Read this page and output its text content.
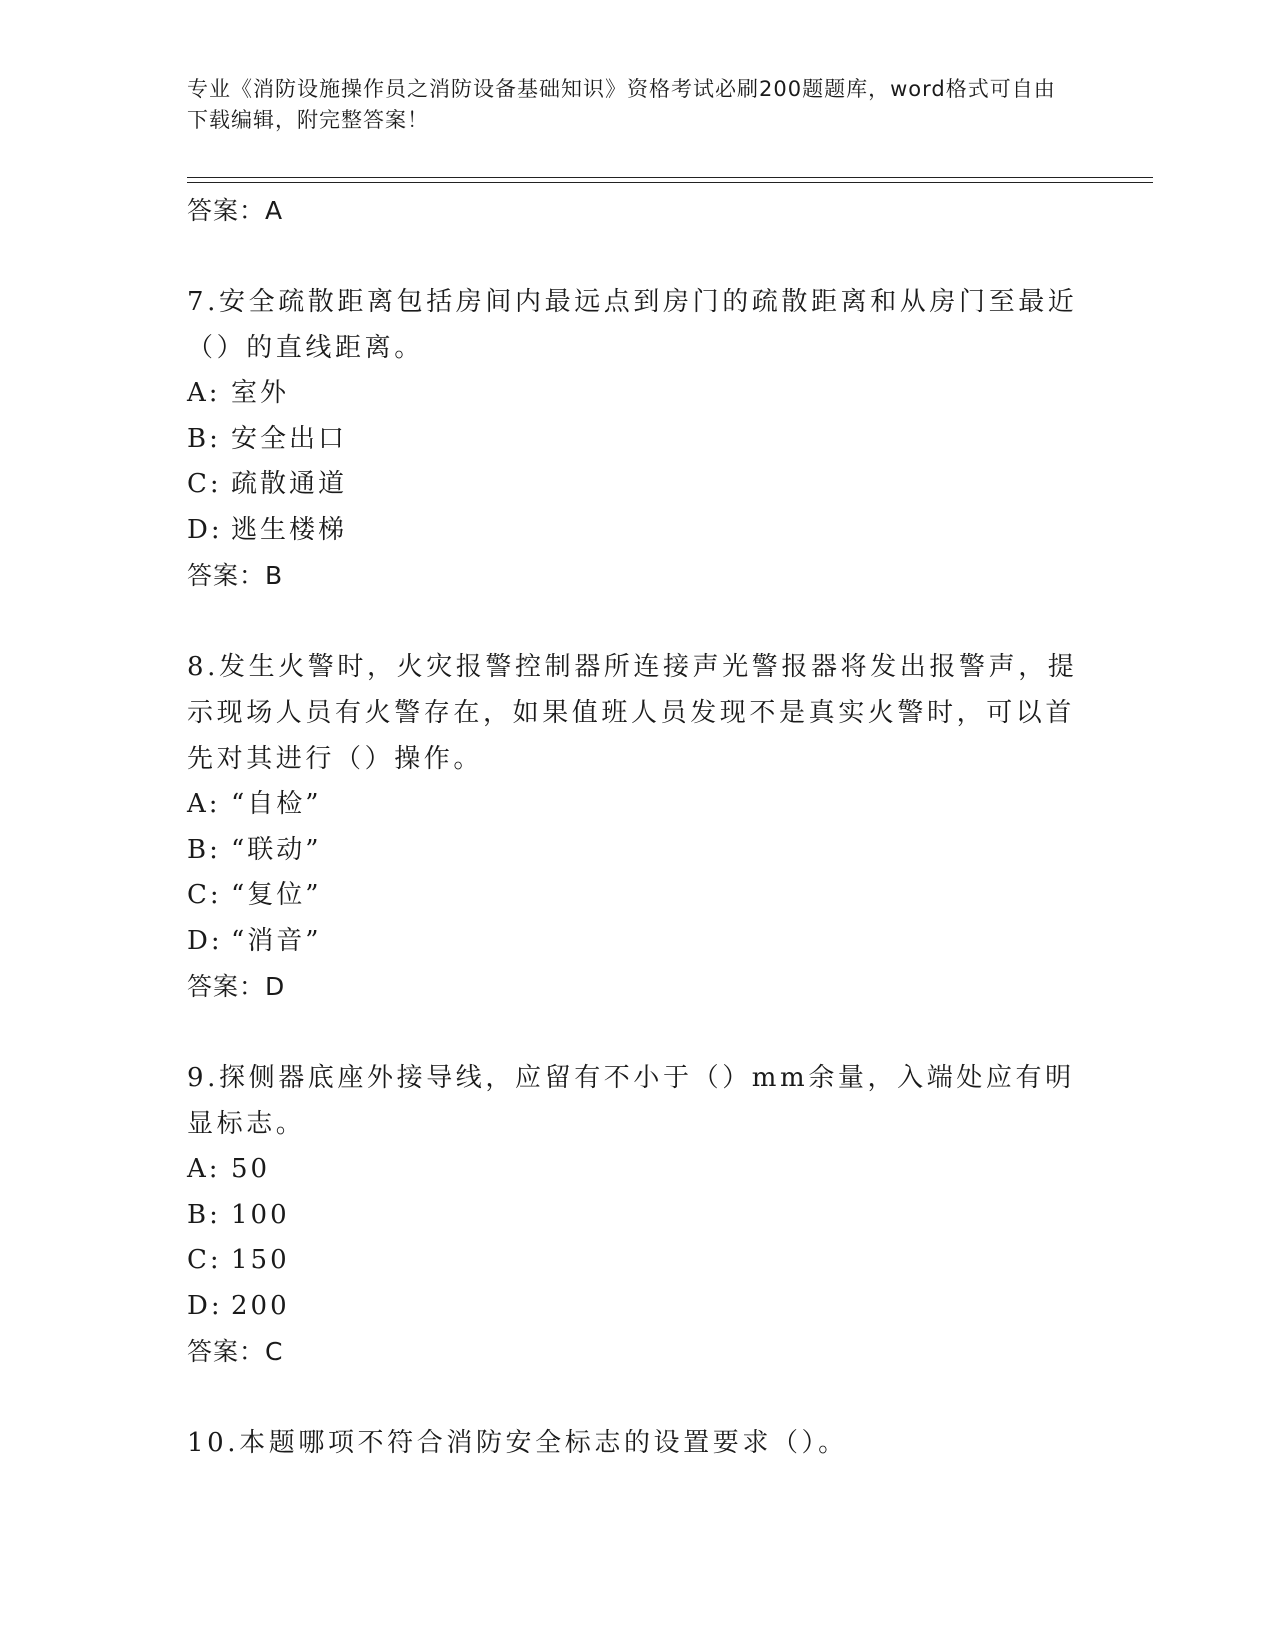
专业《消防设施操作员之消防设备基础知识》资格考试必刷200题题库，word格式可自由下载编辑，附完整答案！
答案：A
7.安全疏散距离包括房间内最远点到房门的疏散距离和从房门至最近（）的直线距离。
A: 室外
B: 安全出口
C: 疏散通道
D: 逃生楼梯
答案：B
8.发生火警时，火灾报警控制器所连接声光警报器将发出报警声，提示现场人员有火警存在，如果值班人员发现不是真实火警时，可以首先对其进行（）操作。
A: “自检”
B: “联动”
C: “复位”
D: “消音”
答案：D
9.探侧器底座外接导线，应留有不小于（）mm余量，入端处应有明显标志。
A: 50
B: 100
C: 150
D: 200
答案：C
10.本题哪项不符合消防安全标志的设置要求（）。
